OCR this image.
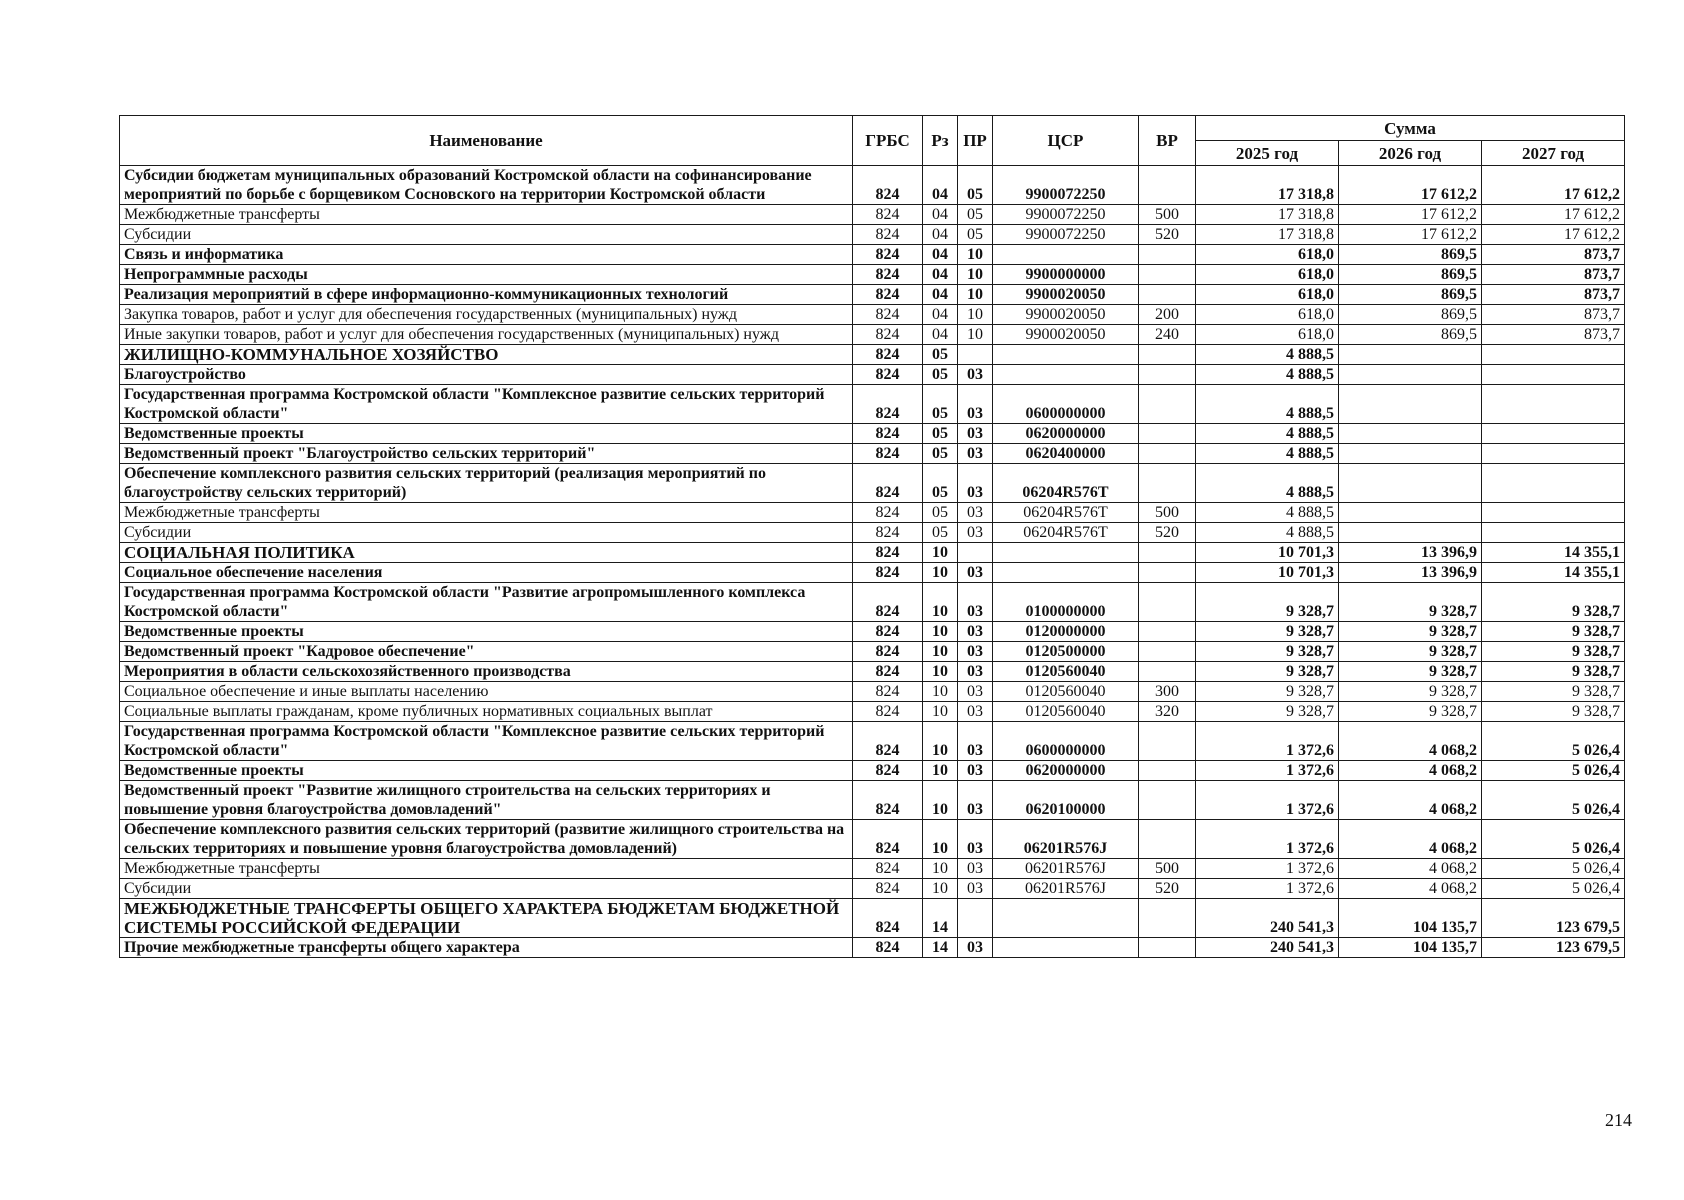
Наименование	ГРБС	Рз	ПР	ЦСР	ВР	Сумма		
						2025 год	2026 год	2027 год
Субсидии бюджетам муниципальных образований Костромской области на софинансирование мероприятий по борьбе с борщевиком Сосновского на территории Костромской области	824	04	05	9900072250		17 318,8	17 612,2	17 612,2
Межбюджетные трансферты	824	04	05	9900072250	500	17 318,8	17 612,2	17 612,2
Субсидии	824	04	05	9900072250	520	17 318,8	17 612,2	17 612,2
Связь и информатика	824	04	10			618,0	869,5	873,7
Непрограммные расходы	824	04	10	9900000000		618,0	869,5	873,7
Реализация мероприятий в сфере информационно-коммуникационных технологий	824	04	10	9900020050		618,0	869,5	873,7
Закупка товаров, работ и услуг для обеспечения государственных (муниципальных) нужд	824	04	10	9900020050	200	618,0	869,5	873,7
Иные закупки товаров, работ и услуг для обеспечения государственных (муниципальных) нужд	824	04	10	9900020050	240	618,0	869,5	873,7
ЖИЛИЩНО-КОММУНАЛЬНОЕ ХОЗЯЙСТВО	824	05				4 888,5		
Благоустройство	824	05	03			4 888,5		
Государственная программа Костромской области "Комплексное развитие сельских территорий Костромской области"	824	05	03	0600000000		4 888,5		
Ведомственные проекты	824	05	03	0620000000		4 888,5		
Ведомственный проект "Благоустройство сельских территорий"	824	05	03	0620400000		4 888,5		
Обеспечение комплексного развития сельских территорий (реализация мероприятий по благоустройству сельских территорий)	824	05	03	06204R576T		4 888,5		
Межбюджетные трансферты	824	05	03	06204R576T	500	4 888,5		
Субсидии	824	05	03	06204R576T	520	4 888,5		
СОЦИАЛЬНАЯ ПОЛИТИКА	824	10				10 701,3	13 396,9	14 355,1
Социальное обеспечение населения	824	10	03			10 701,3	13 396,9	14 355,1
Государственная программа Костромской области "Развитие агропромышленного комплекса Костромской области"	824	10	03	0100000000		9 328,7	9 328,7	9 328,7
Ведомственные проекты	824	10	03	0120000000		9 328,7	9 328,7	9 328,7
Ведомственный проект "Кадровое обеспечение"	824	10	03	0120500000		9 328,7	9 328,7	9 328,7
Мероприятия в области сельскохозяйственного производства	824	10	03	0120560040		9 328,7	9 328,7	9 328,7
Социальное обеспечение и иные выплаты населению	824	10	03	0120560040	300	9 328,7	9 328,7	9 328,7
Социальные выплаты гражданам, кроме публичных нормативных социальных выплат	824	10	03	0120560040	320	9 328,7	9 328,7	9 328,7
Государственная программа Костромской области "Комплексное развитие сельских территорий Костромской области"	824	10	03	0600000000		1 372,6	4 068,2	5 026,4
Ведомственные проекты	824	10	03	0620000000		1 372,6	4 068,2	5 026,4
Ведомственный проект "Развитие жилищного строительства на сельских территориях и повышение уровня благоустройства домовладений"	824	10	03	0620100000		1 372,6	4 068,2	5 026,4
Обеспечение комплексного развития сельских территорий (развитие жилищного строительства на сельских территориях и повышение уровня благоустройства домовладений)	824	10	03	06201R576J		1 372,6	4 068,2	5 026,4
Межбюджетные трансферты	824	10	03	06201R576J	500	1 372,6	4 068,2	5 026,4
Субсидии	824	10	03	06201R576J	520	1 372,6	4 068,2	5 026,4
МЕЖБЮДЖЕТНЫЕ ТРАНСФЕРТЫ ОБЩЕГО ХАРАКТЕРА БЮДЖЕТАМ БЮДЖЕТНОЙ СИСТЕМЫ РОССИЙСКОЙ ФЕДЕРАЦИИ	824	14				240 541,3	104 135,7	123 679,5
Прочие межбюджетные трансферты общего характера	824	14	03			240 541,3	104 135,7	123 679,5
214
